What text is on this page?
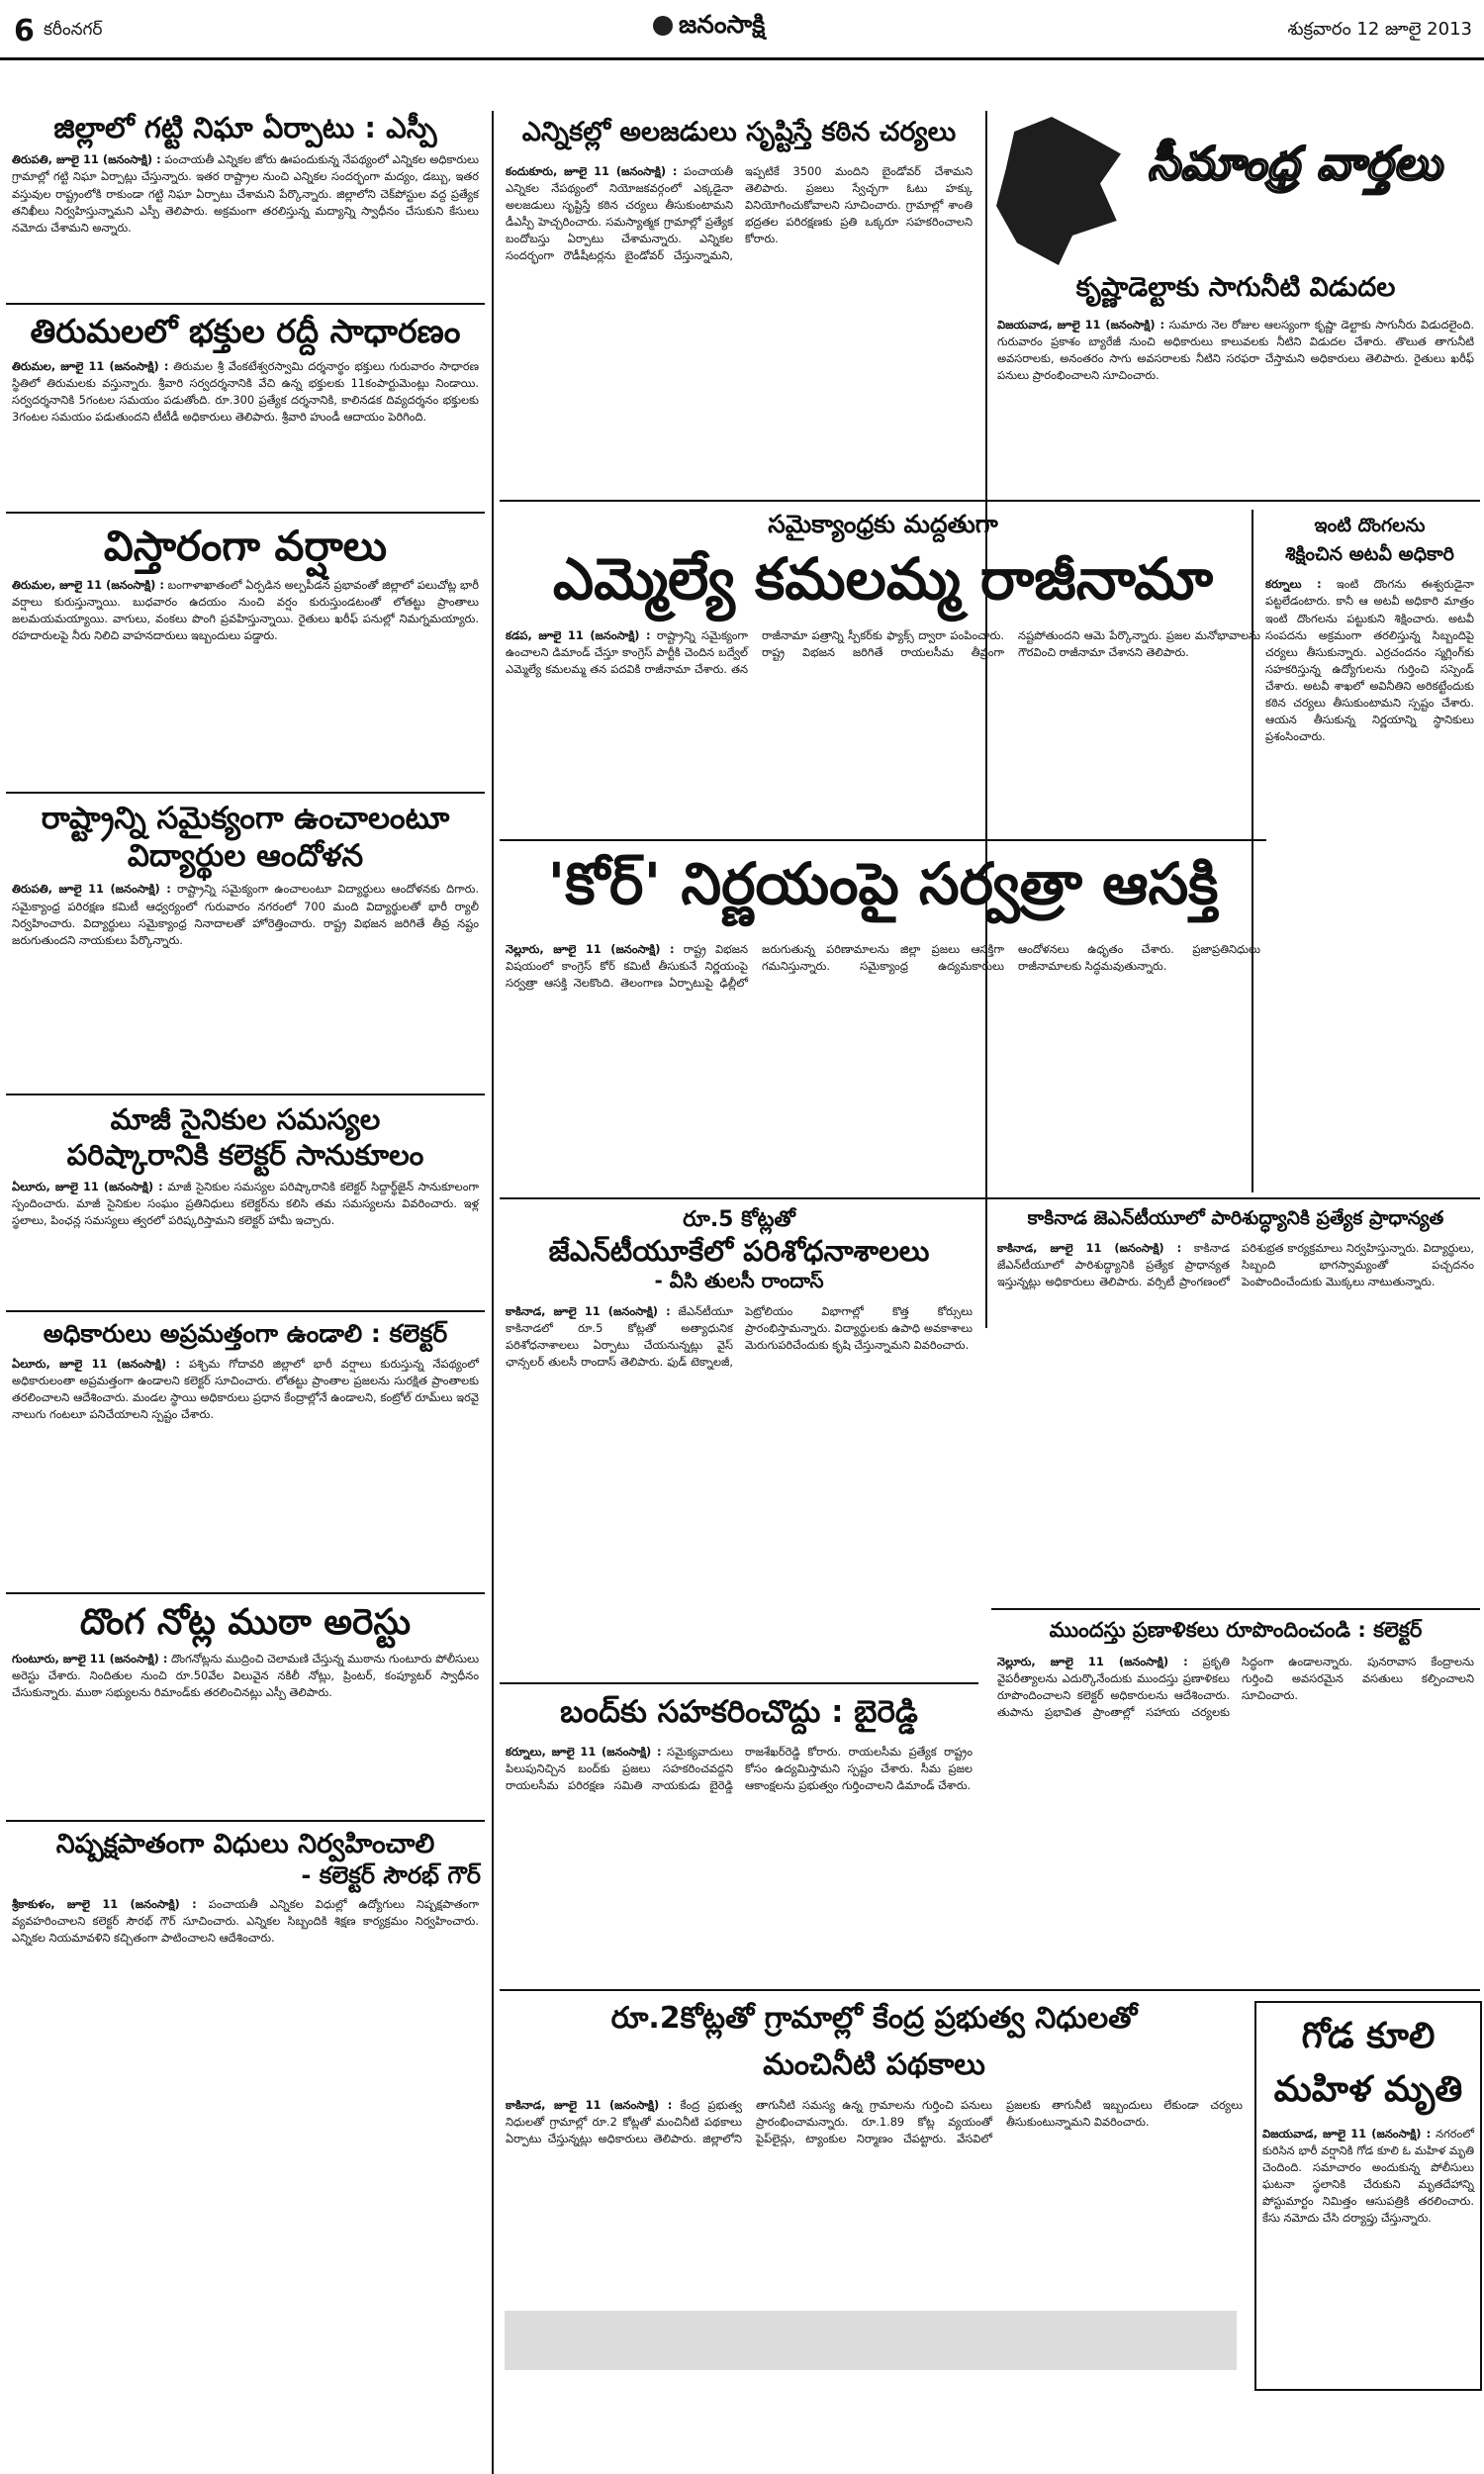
6 కరీంనగర్	జనంసాక్షి	శుక్రవారం 12 జూలై 2013
జిల్లాలో గట్టి నిఘా ఏర్పాటు : ఎస్పీ
తిరుపతి, జూలై 11 (జనంసాక్షి) : పంచాయతీ ఎన్నికల జోరు ఊపందుకున్న నేపథ్యంలో ఎన్నికల అధికారులు గ్రామాల్లో గట్టి నిఘా ఏర్పాట్లు చేస్తున్నారు. ఇతర రాష్ట్రాల నుంచి ఎన్నికల సందర్భంగా మద్యం, డబ్బు, ఇతర వస్తువుల రాష్ట్రంలోకి రాకుండా గట్టి నిఘా ఏర్పాటు చేశామని పేర్కొన్నారు. జిల్లాలోని చెక్‌పోస్టుల వద్ద ప్రత్యేక తనిఖీలు నిర్వహిస్తున్నామని ఎస్పీ తెలిపారు. అక్రమంగా తరలిస్తున్న మద్యాన్ని స్వాధీనం చేసుకుని కేసులు నమోదు చేశామని అన్నారు.
తిరుమలలో భక్తుల రద్దీ సాధారణం
తిరుమల, జూలై 11 (జనంసాక్షి) : తిరుమల శ్రీ వేంకటేశ్వరస్వామి దర్శనార్థం భక్తులు గురువారం సాధారణ స్థితిలో తిరుమలకు వస్తున్నారు. శ్రీవారి సర్వదర్శనానికి వేచి ఉన్న భక్తులకు 11కంపార్టుమెంట్లు నిండాయి. సర్వదర్శనానికి 5గంటల సమయం పడుతోంది. రూ.300 ప్రత్యేక దర్శనానికి, కాలినడక దివ్యదర్శనం భక్తులకు 3గంటల సమయం పడుతుందని టీటీడీ అధికారులు తెలిపారు. శ్రీవారి హుండీ ఆదాయం పెరిగింది.
విస్తారంగా వర్షాలు
తిరుమల, జూలై 11 (జనంసాక్షి) : బంగాళాఖాతంలో ఏర్పడిన అల్పపీడన ప్రభావంతో జిల్లాలో పలుచోట్ల భారీ వర్షాలు కురుస్తున్నాయి. బుధవారం ఉదయం నుంచి వర్షం కురుస్తుండటంతో లోతట్టు ప్రాంతాలు జలమయమయ్యాయి. వాగులు, వంకలు పొంగి ప్రవహిస్తున్నాయి. రైతులు ఖరీఫ్ పనుల్లో నిమగ్నమయ్యారు. రహదారులపై నీరు నిలిచి వాహనదారులు ఇబ్బందులు పడ్డారు.
రాష్ట్రాన్ని సమైక్యంగా ఉంచాలంటూ
విద్యార్థుల ఆందోళన
తిరుపతి, జూలై 11 (జనంసాక్షి) : రాష్ట్రాన్ని సమైక్యంగా ఉంచాలంటూ విద్యార్థులు ఆందోళనకు దిగారు. సమైక్యాంధ్ర పరిరక్షణ కమిటీ ఆధ్వర్యంలో గురువారం నగరంలో 700 మంది విద్యార్థులతో భారీ ర్యాలీ నిర్వహించారు. విద్యార్థులు సమైక్యాంధ్ర నినాదాలతో హోరెత్తించారు. రాష్ట్ర విభజన జరిగితే తీవ్ర నష్టం జరుగుతుందని నాయకులు పేర్కొన్నారు.
మాజీ సైనికుల సమస్యల
పరిష్కారానికి కలెక్టర్ సానుకూలం
ఏలూరు, జూలై 11 (జనంసాక్షి) : మాజీ సైనికుల సమస్యల పరిష్కారానికి కలెక్టర్ సిద్దార్థ్‌జైన్ సానుకూలంగా స్పందించారు. మాజీ సైనికుల సంఘం ప్రతినిధులు కలెక్టర్‌ను కలిసి తమ సమస్యలను వివరించారు. ఇళ్ల స్థలాలు, పింఛన్ల సమస్యలు త్వరలో పరిష్కరిస్తామని కలెక్టర్ హామీ ఇచ్చారు.
అధికారులు అప్రమత్తంగా ఉండాలి : కలెక్టర్
ఏలూరు, జూలై 11 (జనంసాక్షి) : పశ్చిమ గోదావరి జిల్లాలో భారీ వర్షాలు కురుస్తున్న నేపథ్యంలో అధికారులంతా అప్రమత్తంగా ఉండాలని కలెక్టర్ సూచించారు. లోతట్టు ప్రాంతాల ప్రజలను సురక్షిత ప్రాంతాలకు తరలించాలని ఆదేశించారు. మండల స్థాయి అధికారులు ప్రధాన కేంద్రాల్లోనే ఉండాలని, కంట్రోల్ రూమ్‌లు ఇరవై నాలుగు గంటలూ పనిచేయాలని స్పష్టం చేశారు.
దొంగ నోట్ల ముఠా అరెస్టు
గుంటూరు, జూలై 11 (జనంసాక్షి) : దొంగనోట్లను ముద్రించి చెలామణి చేస్తున్న ముఠాను గుంటూరు పోలీసులు అరెస్టు చేశారు. నిందితుల నుంచి రూ.50వేల విలువైన నకిలీ నోట్లు, ప్రింటర్, కంప్యూటర్ స్వాధీనం చేసుకున్నారు. ముఠా సభ్యులను రిమాండ్‌కు తరలించినట్లు ఎస్పీ తెలిపారు.
నిష్పక్షపాతంగా విధులు నిర్వహించాలి
- కలెక్టర్ సౌరభ్ గౌర్
శ్రీకాకుళం, జూలై 11 (జనంసాక్షి) : పంచాయతీ ఎన్నికల విధుల్లో ఉద్యోగులు నిష్పక్షపాతంగా వ్యవహరించాలని కలెక్టర్ సౌరభ్ గౌర్ సూచించారు. ఎన్నికల సిబ్బందికి శిక్షణ కార్యక్రమం నిర్వహించారు. ఎన్నికల నియమావళిని కచ్చితంగా పాటించాలని ఆదేశించారు.
ఎన్నికల్లో అలజడులు సృష్టిస్తే కఠిన చర్యలు
కందుకూరు, జూలై 11 (జనంసాక్షి) : పంచాయతీ ఎన్నికల నేపథ్యంలో నియోజకవర్గంలో ఎక్కడైనా అలజడులు సృష్టిస్తే కఠిన చర్యలు తీసుకుంటామని డీఎస్పీ హెచ్చరించారు. సమస్యాత్మక గ్రామాల్లో ప్రత్యేక బందోబస్తు ఏర్పాటు చేశామన్నారు. ఎన్నికల సందర్భంగా రౌడీషీటర్లను బైండోవర్ చేస్తున్నామని, ఇప్పటికే 3500 మందిని బైండోవర్ చేశామని తెలిపారు. ప్రజలు స్వేచ్ఛగా ఓటు హక్కు వినియోగించుకోవాలని సూచించారు. గ్రామాల్లో శాంతి భద్రతల పరిరక్షణకు ప్రతి ఒక్కరూ సహకరించాలని కోరారు.
సీమాంధ్ర వార్తలు
కృష్ణాడెల్టాకు సాగునీటి విడుదల
విజయవాడ, జూలై 11 (జనంసాక్షి) : సుమారు నెల రోజుల ఆలస్యంగా కృష్ణా డెల్టాకు సాగునీరు విడుదలైంది. గురువారం ప్రకాశం బ్యారేజీ నుంచి అధికారులు కాలువలకు నీటిని విడుదల చేశారు. తొలుత తాగునీటి అవసరాలకు, అనంతరం సాగు అవసరాలకు నీటిని సరఫరా చేస్తామని అధికారులు తెలిపారు. రైతులు ఖరీఫ్ పనులు ప్రారంభించాలని సూచించారు.
సమైక్యాంధ్రకు మద్దతుగా
ఎమ్మెల్యే కమలమ్మ రాజీనామా
కడప, జూలై 11 (జనంసాక్షి) : రాష్ట్రాన్ని సమైక్యంగా ఉంచాలని డిమాండ్ చేస్తూ కాంగ్రెస్ పార్టీకి చెందిన బద్వేల్ ఎమ్మెల్యే కమలమ్మ తన పదవికి రాజీనామా చేశారు. తన రాజీనామా పత్రాన్ని స్పీకర్‌కు ఫ్యాక్స్ ద్వారా పంపించారు. రాష్ట్ర విభజన జరిగితే రాయలసీమ తీవ్రంగా నష్టపోతుందని ఆమె పేర్కొన్నారు. ప్రజల మనోభావాలను గౌరవించి రాజీనామా చేశానని తెలిపారు.
'కోర్' నిర్ణయంపై సర్వత్రా ఆసక్తి
నెల్లూరు, జూలై 11 (జనంసాక్షి) : రాష్ట్ర విభజన విషయంలో కాంగ్రెస్ కోర్ కమిటీ తీసుకునే నిర్ణయంపై సర్వత్రా ఆసక్తి నెలకొంది. తెలంగాణ ఏర్పాటుపై ఢిల్లీలో జరుగుతున్న పరిణామాలను జిల్లా ప్రజలు ఆసక్తిగా గమనిస్తున్నారు. సమైక్యాంధ్ర ఉద్యమకారులు ఆందోళనలు ఉధృతం చేశారు. ప్రజాప్రతినిధులు రాజీనామాలకు సిద్ధమవుతున్నారు.
ఇంటి దొంగలను
శిక్షించిన అటవీ అధికారి
కర్నూలు : ఇంటి దొంగను ఈశ్వరుడైనా పట్టలేడంటారు. కానీ ఆ అటవీ అధికారి మాత్రం ఇంటి దొంగలను పట్టుకుని శిక్షించారు. అటవీ సంపదను అక్రమంగా తరలిస్తున్న సిబ్బందిపై చర్యలు తీసుకున్నారు. ఎర్రచందనం స్మగ్లింగ్‌కు సహకరిస్తున్న ఉద్యోగులను గుర్తించి సస్పెండ్ చేశారు. అటవీ శాఖలో అవినీతిని అరికట్టేందుకు కఠిన చర్యలు తీసుకుంటామని స్పష్టం చేశారు. ఆయన తీసుకున్న నిర్ణయాన్ని స్థానికులు ప్రశంసించారు.
రూ.5 కోట్లతో
జేఎన్‌టీయూకేలో పరిశోధనాశాలలు
- వీసి తులసీ రాందాస్
కాకినాడ, జూలై 11 (జనంసాక్షి) : జేఎన్‌టీయూ కాకినాడలో రూ.5 కోట్లతో అత్యాధునిక పరిశోధనాశాలలు ఏర్పాటు చేయనున్నట్లు వైస్ ఛాన్సలర్ తులసీ రాందాస్ తెలిపారు. ఫుడ్ టెక్నాలజీ, పెట్రోలియం విభాగాల్లో కొత్త కోర్సులు ప్రారంభిస్తామన్నారు. విద్యార్థులకు ఉపాధి అవకాశాలు మెరుగుపరిచేందుకు కృషి చేస్తున్నామని వివరించారు.
కాకినాడ జెఎన్‌టీయూలో పారిశుద్ధ్యానికి ప్రత్యేక ప్రాధాన్యత
కాకినాడ, జూలై 11 (జనంసాక్షి) : కాకినాడ జేఎన్‌టీయూలో పారిశుద్ధ్యానికి ప్రత్యేక ప్రాధాన్యత ఇస్తున్నట్లు అధికారులు తెలిపారు. వర్సిటీ ప్రాంగణంలో పరిశుభ్రత కార్యక్రమాలు నిర్వహిస్తున్నారు. విద్యార్థులు, సిబ్బంది భాగస్వామ్యంతో పచ్చదనం పెంపొందించేందుకు మొక్కలు నాటుతున్నారు.
ముందస్తు ప్రణాళికలు రూపొందించండి : కలెక్టర్
నెల్లూరు, జూలై 11 (జనంసాక్షి) : ప్రకృతి వైపరీత్యాలను ఎదుర్కొనేందుకు ముందస్తు ప్రణాళికలు రూపొందించాలని కలెక్టర్ అధికారులను ఆదేశించారు. తుపాను ప్రభావిత ప్రాంతాల్లో సహాయ చర్యలకు సిద్ధంగా ఉండాలన్నారు. పునరావాస కేంద్రాలను గుర్తించి అవసరమైన వసతులు కల్పించాలని సూచించారు.
బంద్‌కు సహకరించొద్దు : బైరెడ్డి
కర్నూలు, జూలై 11 (జనంసాక్షి) : సమైక్యవాదులు పిలుపునిచ్చిన బంద్‌కు ప్రజలు సహకరించవద్దని రాయలసీమ పరిరక్షణ సమితి నాయకుడు బైరెడ్డి రాజశేఖర్‌రెడ్డి కోరారు. రాయలసీమ ప్రత్యేక రాష్ట్రం కోసం ఉద్యమిస్తామని స్పష్టం చేశారు. సీమ ప్రజల ఆకాంక్షలను ప్రభుత్వం గుర్తించాలని డిమాండ్ చేశారు.
రూ.2కోట్లతో గ్రామాల్లో కేంద్ర ప్రభుత్వ నిధులతో
మంచినీటి పథకాలు
కాకినాడ, జూలై 11 (జనంసాక్షి) : కేంద్ర ప్రభుత్వ నిధులతో గ్రామాల్లో రూ.2 కోట్లతో మంచినీటి పథకాలు ఏర్పాటు చేస్తున్నట్లు అధికారులు తెలిపారు. జిల్లాలోని తాగునీటి సమస్య ఉన్న గ్రామాలను గుర్తించి పనులు ప్రారంభించామన్నారు. రూ.1.89 కోట్ల వ్యయంతో పైప్‌లైన్లు, ట్యాంకుల నిర్మాణం చేపట్టారు. వేసవిలో ప్రజలకు తాగునీటి ఇబ్బందులు లేకుండా చర్యలు తీసుకుంటున్నామని వివరించారు.
గోడ కూలి
మహిళ మృతి
విజయవాడ, జూలై 11 (జనంసాక్షి) : నగరంలో కురిసిన భారీ వర్షానికి గోడ కూలి ఓ మహిళ మృతి చెందింది. సమాచారం అందుకున్న పోలీసులు ఘటనా స్థలానికి చేరుకుని మృతదేహాన్ని పోస్టుమార్టం నిమిత్తం ఆసుపత్రికి తరలించారు. కేసు నమోదు చేసి దర్యాప్తు చేస్తున్నారు.
